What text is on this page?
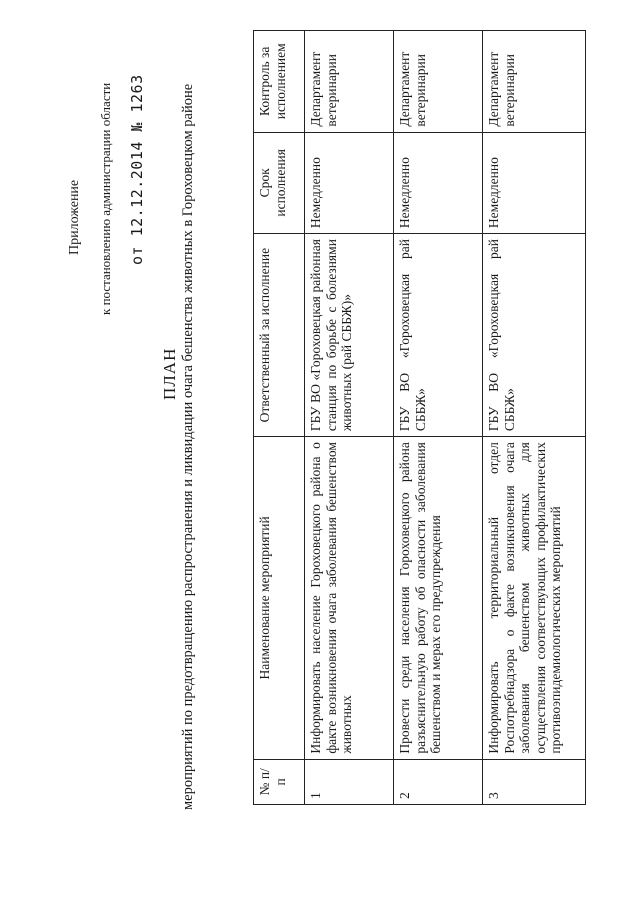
Приложение к постановлению администрации области от 12.12.2014 № 1263
ПЛАН мероприятий по предотвращению распространения и ликвидации очага бешенства животных в Гороховецком районе	№ п/п	Наименование мероприятий	Ответственный за исполнение	Срок исполнения	Контроль за исполнением
1	Информировать население Гороховецкого района о факте возникновения очага заболевания бешенством животных	ГБУ ВО «Гороховецкая районная станция по борьбе с болезнями животных (рай СББЖ)»	Немедленно	Департамент ветеринарии
2	Провести среди населения Гороховецкого района разъяснительную работу об опасности заболевания бешенством и мерах его предупреждения	ГБУ ВО «Гороховецкая рай СББЖ»	Немедленно	Департамент ветеринарии
3	Информировать территориальный отдел Роспотребнадзора о факте возникновения очага заболевания бешенством животных для осуществления соответствующих профилактических противоэпидемиологических мероприятий	ГБУ ВО «Гороховецкая рай СББЖ»	Немедленно	Департамент ветеринарии
